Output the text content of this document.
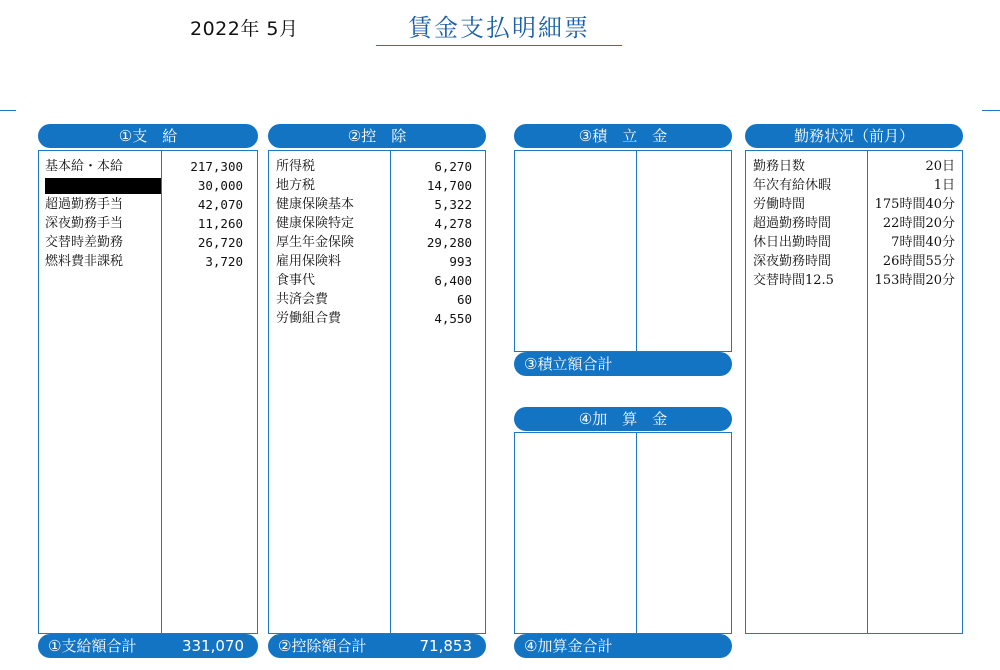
2022年 5月	賃金支払明細票
①支　給
基本給・本給	217,300
30,000
超過勤務手当	42,070
深夜勤務手当	11,260
交替時差勤務	26,720
燃料費非課税	3,720
①支給額合計	331,070
②控　除
所得税	6,270
地方税	14,700
健康保険基本	5,322
健康保険特定	4,278
厚生年金保険	29,280
雇用保険料	993
食事代	6,400
共済会費	60
労働組合費	4,550
②控除額合計	71,853
③積　立　金
③積立額合計
④加　算　金
④加算金合計
勤務状況（前月）
勤務日数	20日
年次有給休暇	1日
労働時間	175時間40分
超過勤務時間	22時間20分
休日出勤時間	7時間40分
深夜勤務時間	26時間55分
交替時間12.5	153時間20分
